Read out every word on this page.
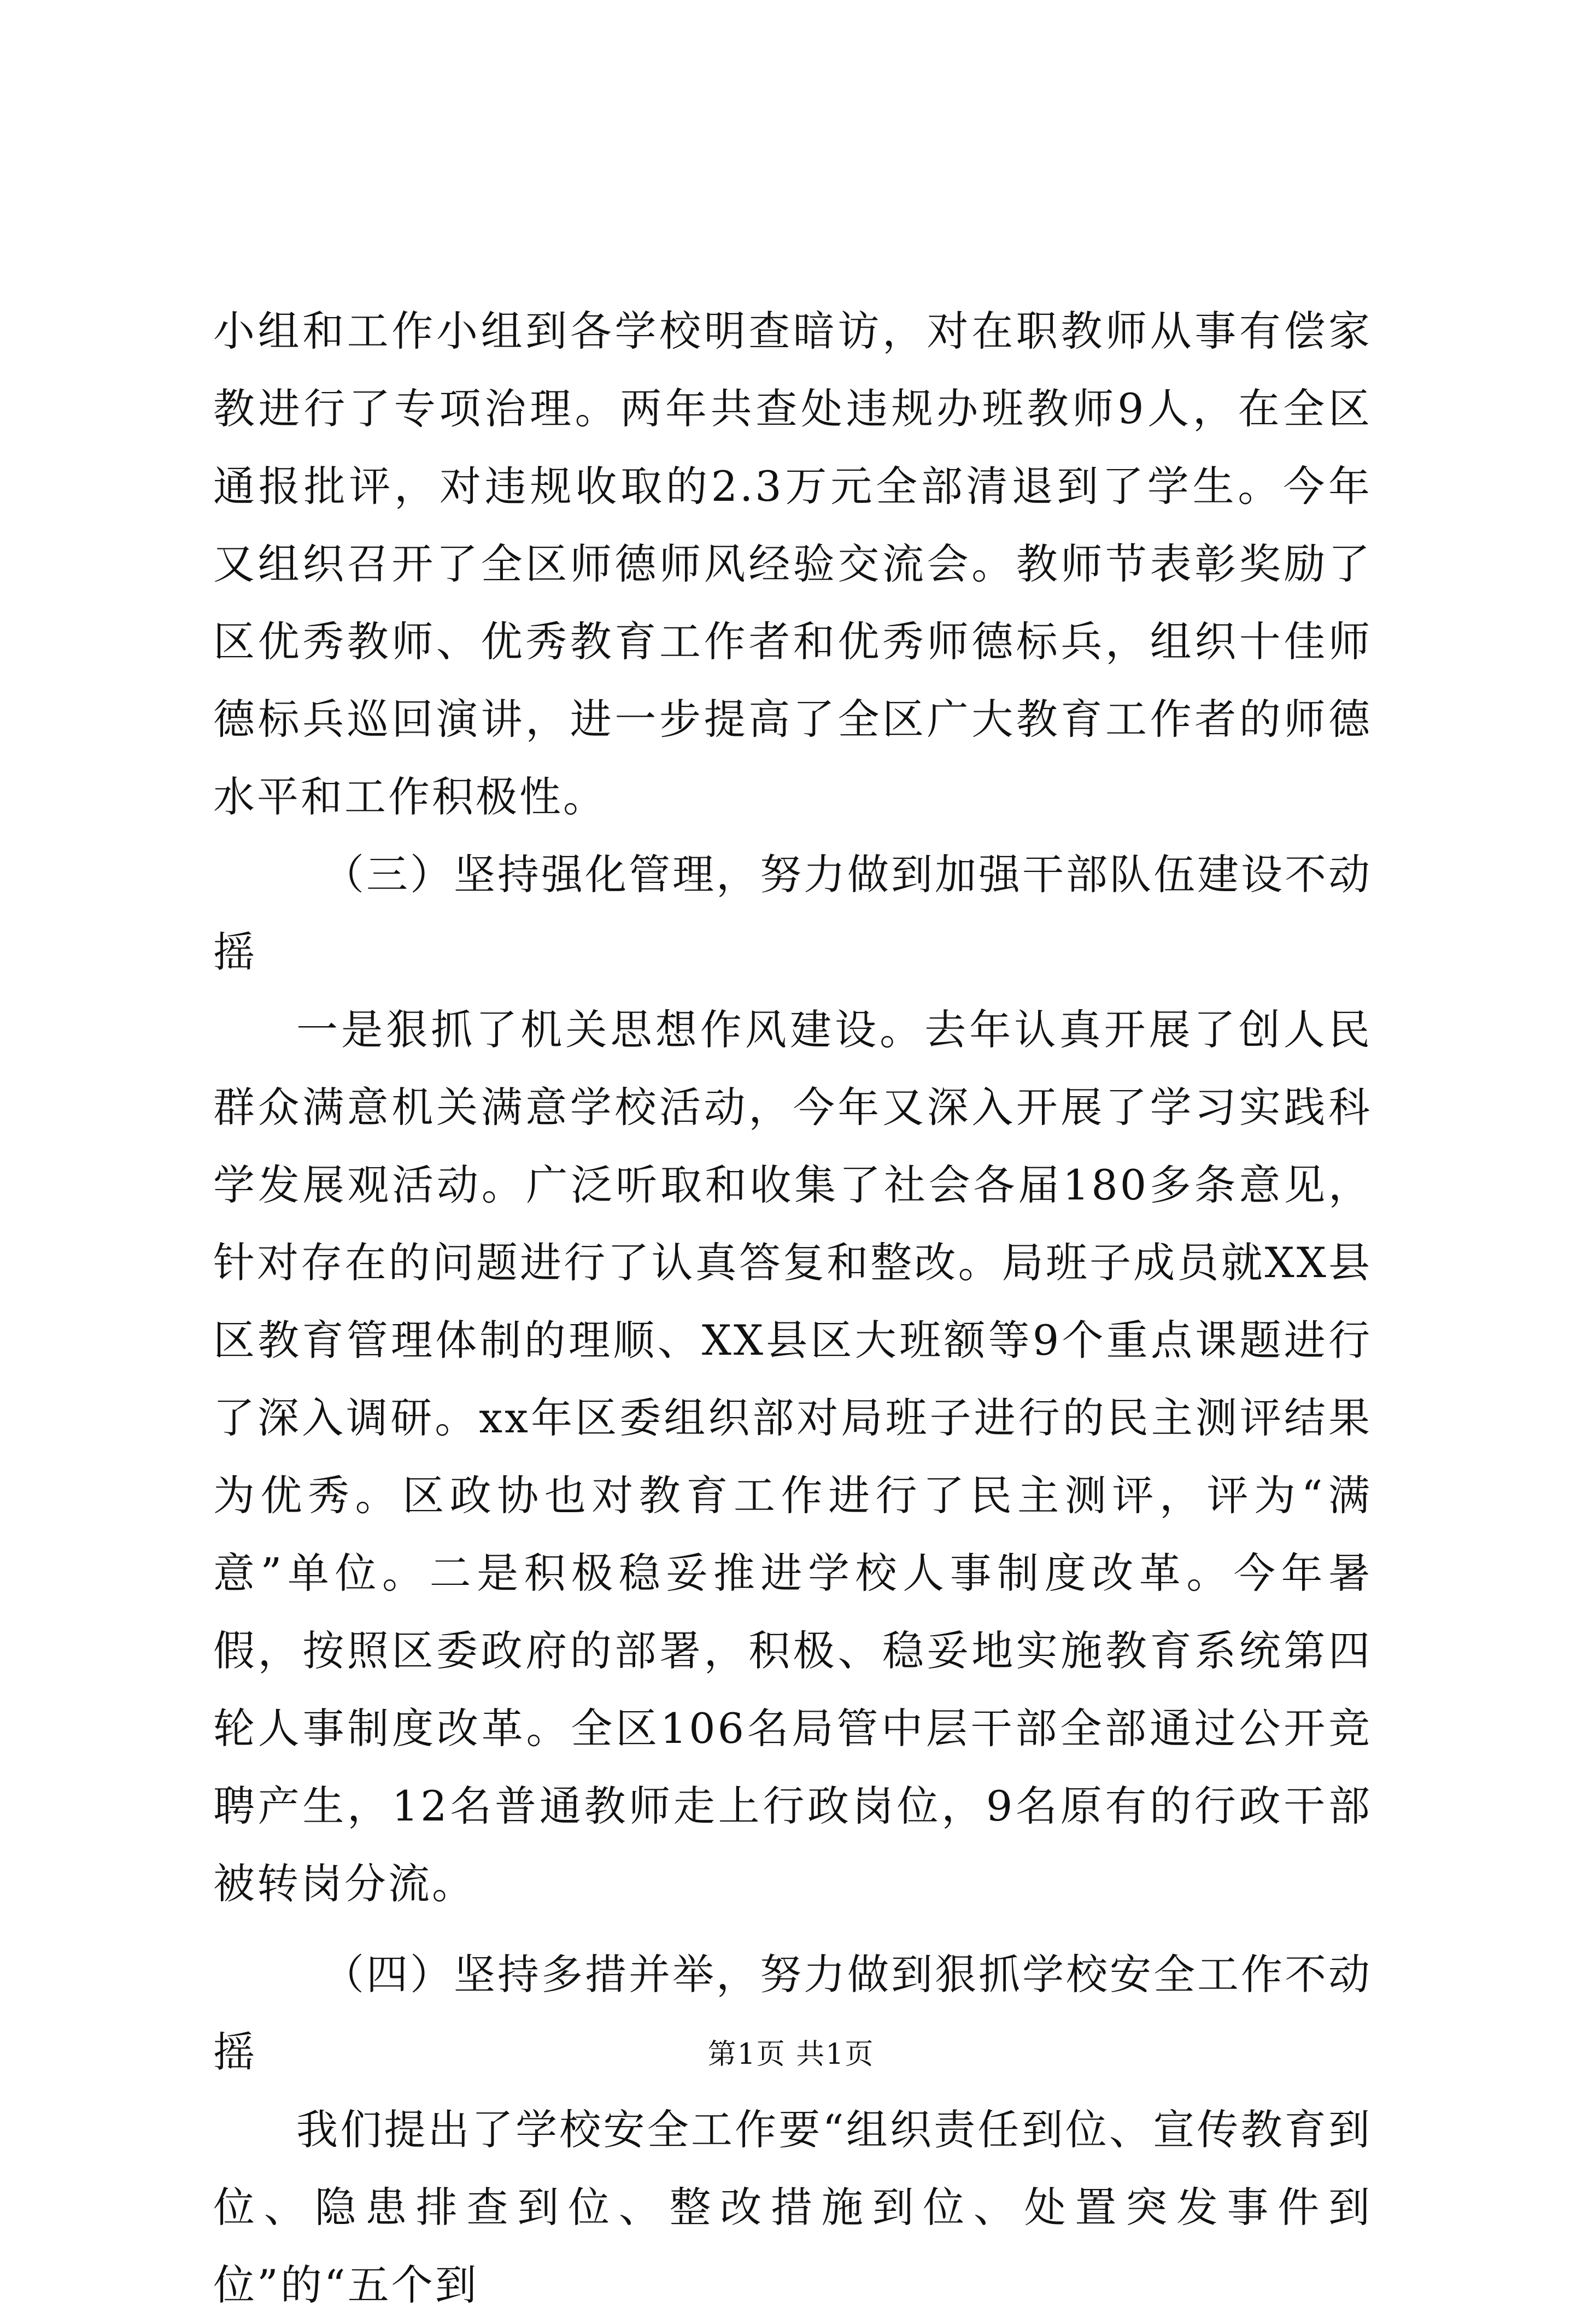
小组和工作小组到各学校明查暗访，对在职教师从事有偿家教进行了专项治理。两年共查处违规办班教师9人，在全区通报批评，对违规收取的2.3万元全部清退到了学生。今年又组织召开了全区师德师风经验交流会。教师节表彰奖励了区优秀教师、优秀教育工作者和优秀师德标兵，组织十佳师德标兵巡回演讲，进一步提高了全区广大教育工作者的师德水平和工作积极性。

（三）坚持强化管理，努力做到加强干部队伍建设不动摇

一是狠抓了机关思想作风建设。去年认真开展了创人民群众满意机关满意学校活动，今年又深入开展了学习实践科学发展观活动。广泛听取和收集了社会各届180多条意见，针对存在的问题进行了认真答复和整改。局班子成员就XX县区教育管理体制的理顺、XX县区大班额等9个重点课题进行了深入调研。xx年区委组织部对局班子进行的民主测评结果为优秀。区政协也对教育工作进行了民主测评，评为“满意”单位。二是积极稳妥推进学校人事制度改革。今年暑假，按照区委政府的部署，积极、稳妥地实施教育系统第四轮人事制度改革。全区106名局管中层干部全部通过公开竞聘产生，12名普通教师走上行政岗位，9名原有的行政干部被转岗分流。

（四）坚持多措并举，努力做到狠抓学校安全工作不动摇

我们提出了学校安全工作要“组织责任到位、宣传教育到位、隐患排查到位、整改措施到位、处置突发事件到位”的“五个到

第1页 共1页
